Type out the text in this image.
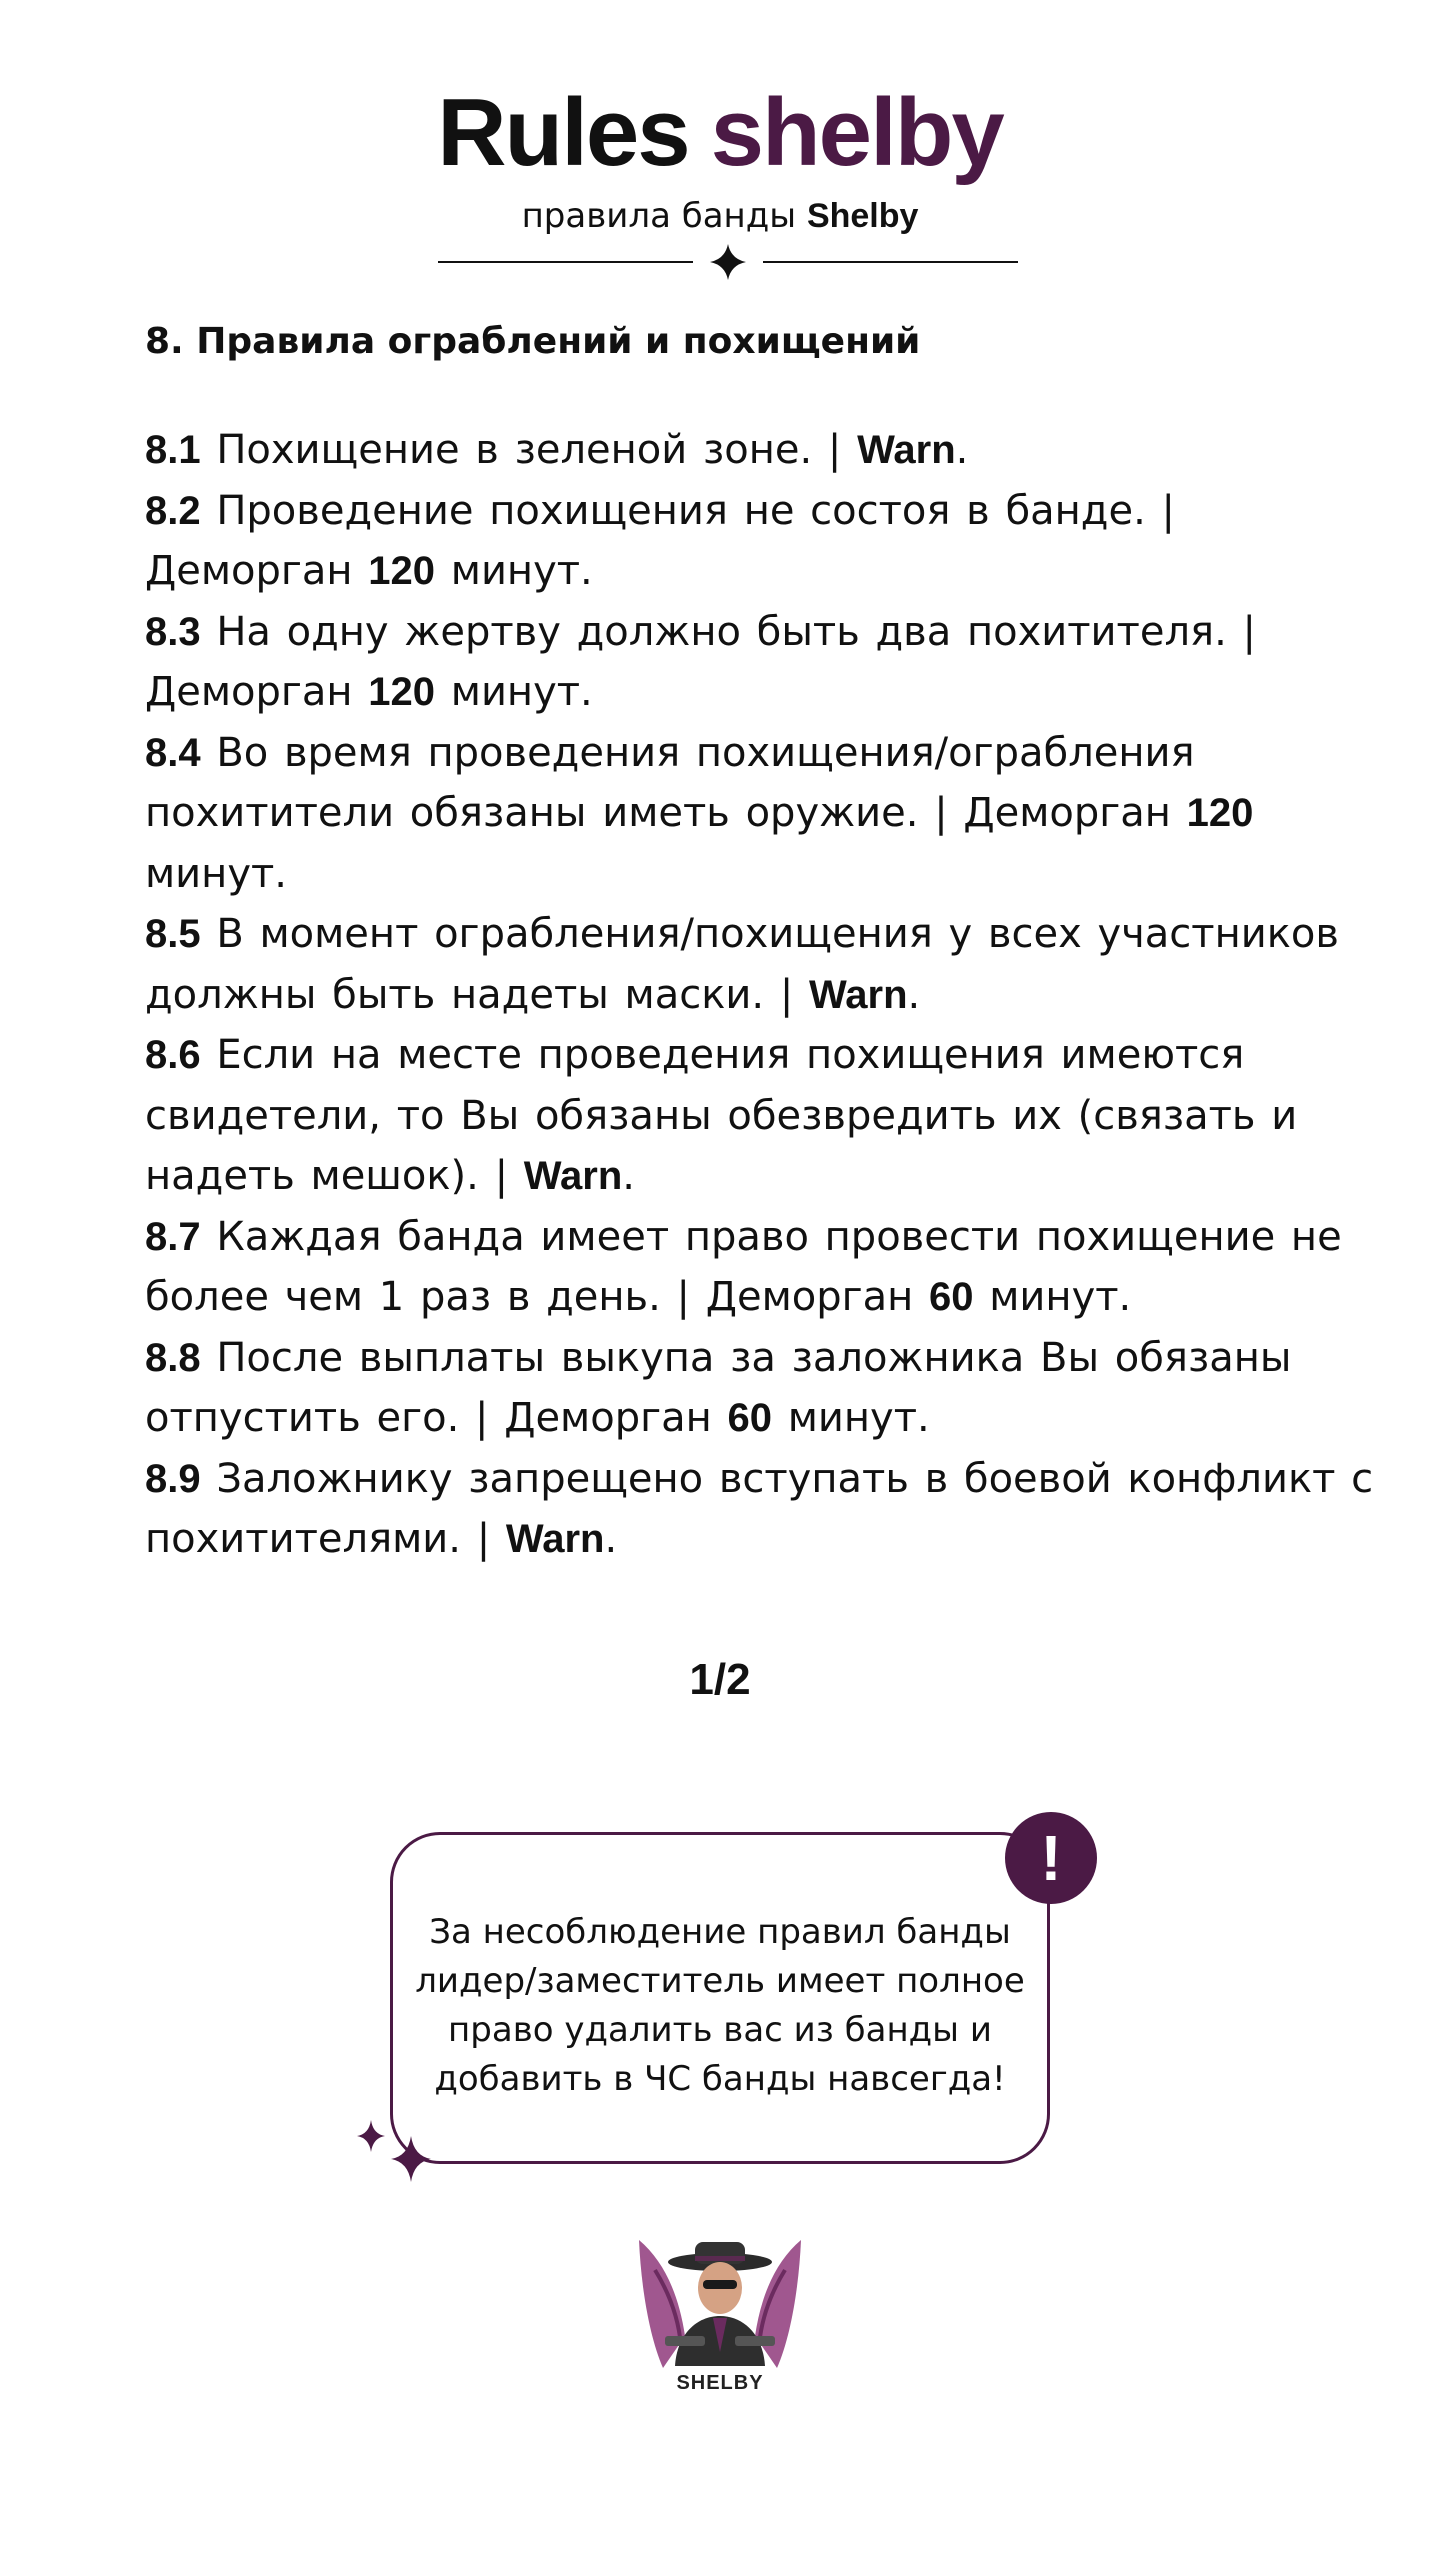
Rules shelby
правила банды Shelby
8. Правила ограблений и похищений

8.1 Похищение в зеленой зоне. | Warn.

8.2 Проведение похищения не состоя в банде. | Деморган 120 минут.

8.3 На одну жертву должно быть два похитителя. | Деморган 120 минут.

8.4 Во время проведения похищения/ограбления похитители обязаны иметь оружие. | Деморган 120 минут.

8.5 В момент ограбления/похищения у всех участников должны быть надеты маски. | Warn.

8.6 Если на месте проведения похищения имеются свидетели, то Вы обязаны обезвредить их (связать и надеть мешок). | Warn.

8.7 Каждая банда имеет право провести похищение не более чем 1 раз в день. | Деморган 60 минут.

8.8 После выплаты выкупа за заложника Вы обязаны отпустить его. | Деморган 60 минут.

8.9 Заложнику запрещено вступать в боевой конфликт с похитителями. | Warn.

1/2
За несоблюдение правил банды лидер/заместитель имеет полное право удалить вас из банды и добавить в ЧС банды навсегда!
!
SHELBY
